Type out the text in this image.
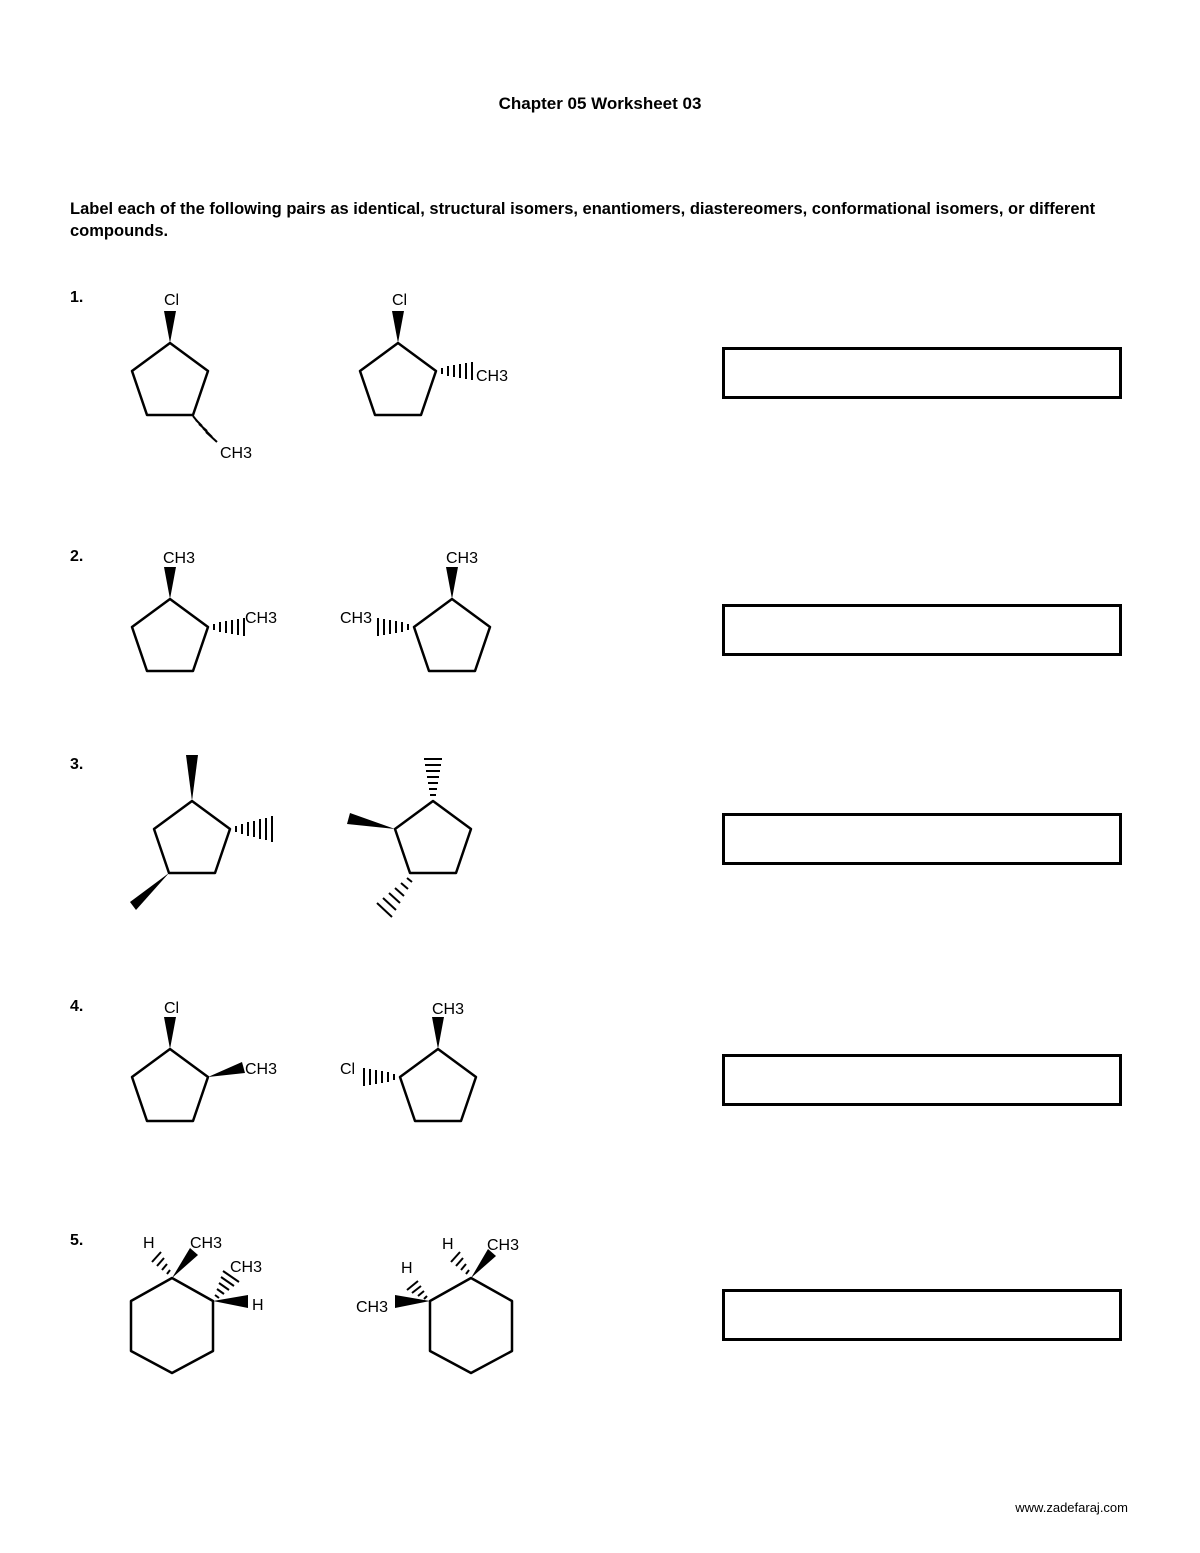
Chapter 05 Worksheet 03
Label each of the following pairs as identical, structural isomers, enantiomers, diastereomers, conformational isomers, or different compounds.
1.
2.
3.
4.
5.
Cl
CH3
Cl
CH3
CH3
CH3
CH3
CH3
Cl
CH3
CH3
Cl
H CH3
CH3
H
H CH3
H
CH3
www.zadefaraj.com
